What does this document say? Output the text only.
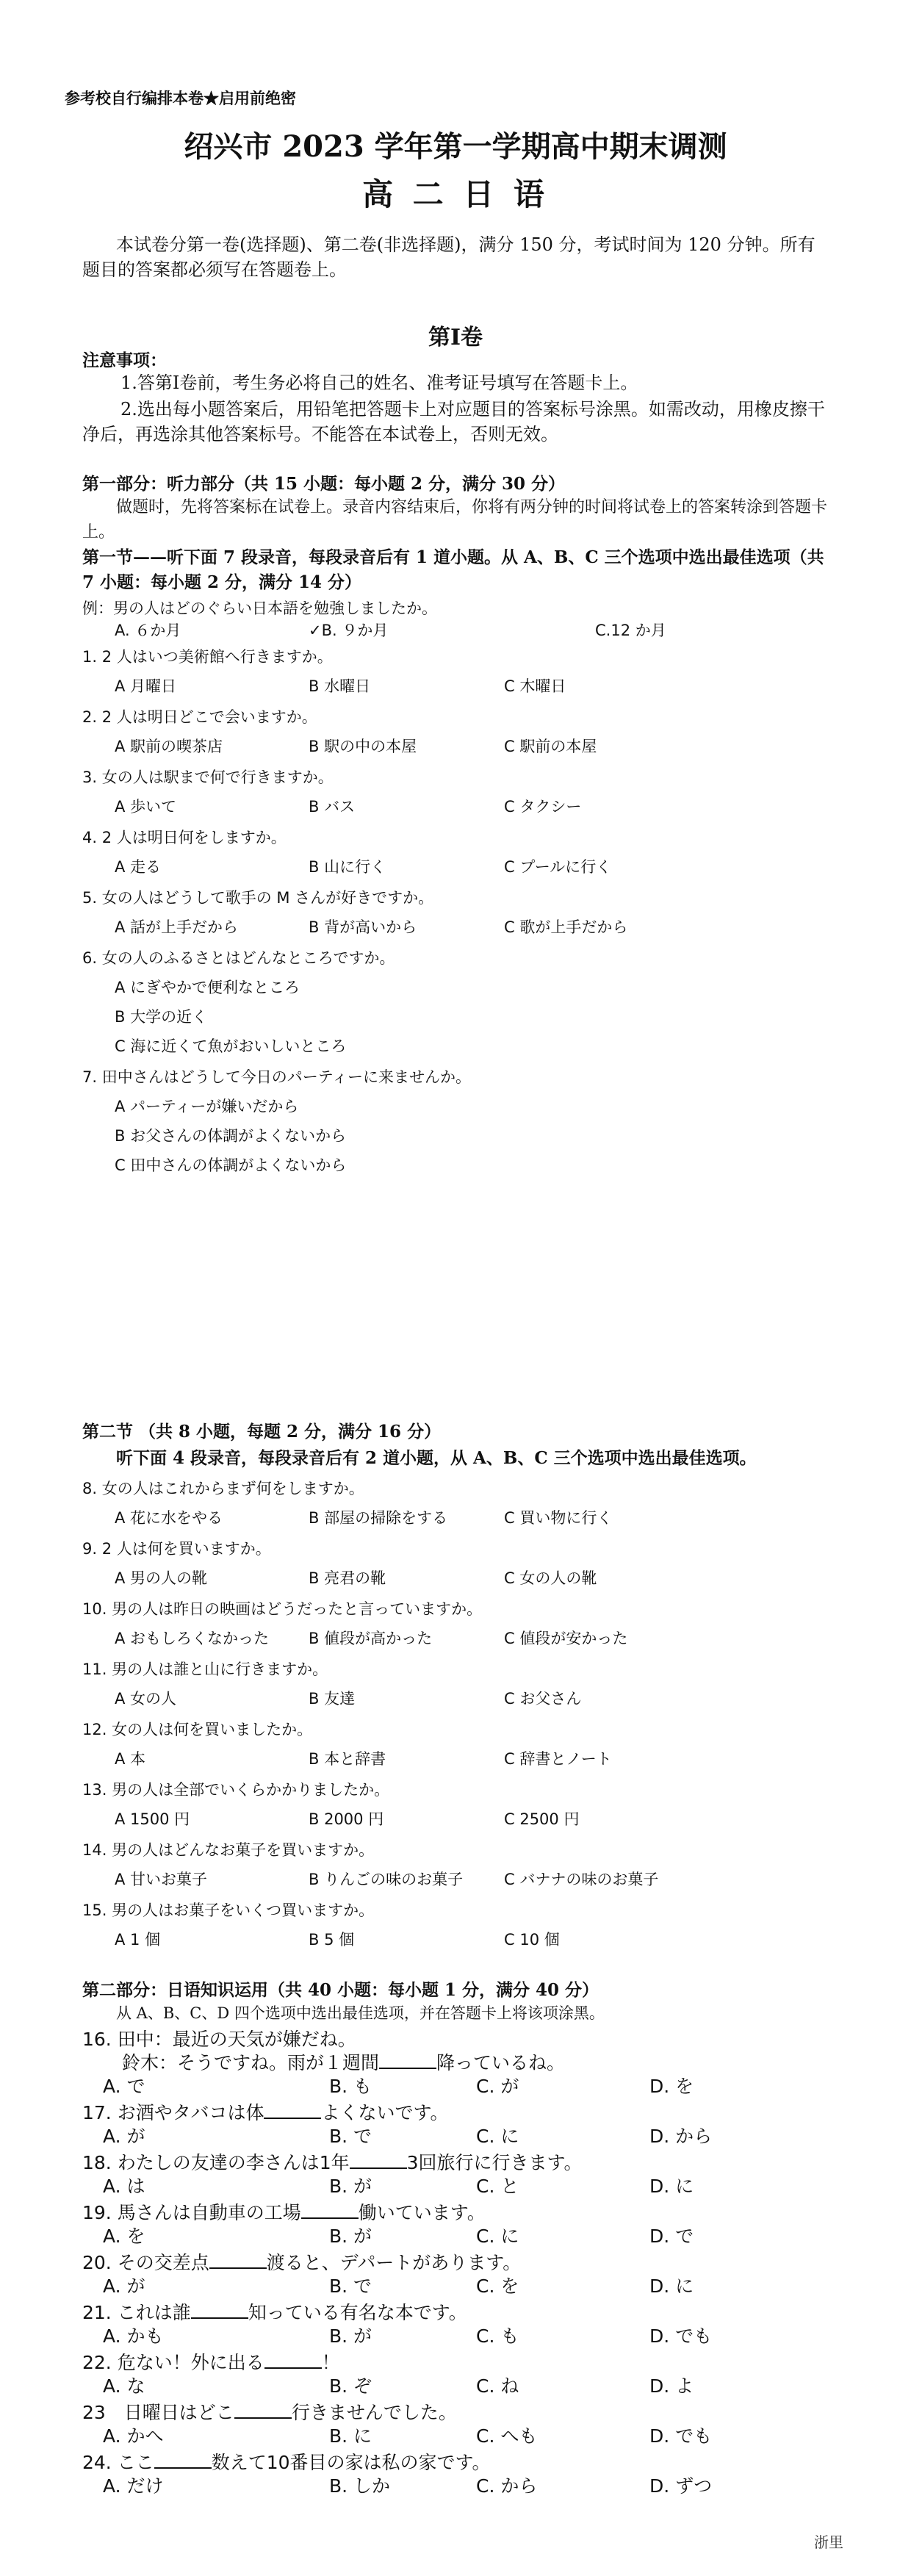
参考校自行编排本卷★启用前绝密
绍兴市 2023 学年第一学期高中期末调测
高 二 日 语
本试卷分第一卷(选择题)、第二卷(非选择题)，满分 150 分，考试时间为 120 分钟。所有题目的答案都必须写在答题卷上。
第Ⅰ卷
注意事项：
1.答第Ⅰ卷前，考生务必将自己的姓名、准考证号填写在答题卡上。
2.选出每小题答案后，用铅笔把答题卡上对应题目的答案标号涂黑。如需改动，用橡皮擦干净后，再选涂其他答案标号。不能答在本试卷上，否则无效。
第一部分：听力部分（共 15 小题：每小题 2 分，满分 30 分）
做题时，先将答案标在试卷上。录音内容结束后，你将有两分钟的时间将试卷上的答案转涂到答题卡上。
第一节——听下面 7 段录音，每段录音后有 1 道小题。从 A、B、C 三个选项中选出最佳选项（共 7 小题：每小题 2 分，满分 14 分）
例：男の人はどのぐらい日本語を勉強しましたか。
A. ６か月	✓B. ９か月	C.12 か月
1. 2 人はいつ美術館へ行きますか。
A 月曜日	B 水曜日	C 木曜日
2. 2 人は明日どこで会いますか。
A 駅前の喫茶店	B 駅の中の本屋	C 駅前の本屋
3. 女の人は駅まで何で行きますか。
A 歩いて	B バス	C タクシー
4. 2 人は明日何をしますか。
A 走る	B 山に行く	C プールに行く
5. 女の人はどうして歌手の M さんが好きですか。
A 話が上手だから	B 背が高いから	C 歌が上手だから
6. 女の人のふるさとはどんなところですか。
A にぎやかで便利なところ
B 大学の近く
C 海に近くて魚がおいしいところ
7. 田中さんはどうして今日のパーティーに来ませんか。
A パーティーが嫌いだから
B お父さんの体調がよくないから
C 田中さんの体調がよくないから
第二节 （共 8 小题，每题 2 分，满分 16 分）
听下面 4 段录音，每段录音后有 2 道小题，从 A、B、C 三个选项中选出最佳选项。
8. 女の人はこれからまず何をしますか。
A 花に水をやる	B 部屋の掃除をする	C 買い物に行く
9. 2 人は何を買いますか。
A 男の人の靴	B 亮君の靴	C 女の人の靴
10. 男の人は昨日の映画はどうだったと言っていますか。
A おもしろくなかった	B 値段が高かった	C 値段が安かった
11. 男の人は誰と山に行きますか。
A 女の人	B 友達	C お父さん
12. 女の人は何を買いましたか。
A 本	B 本と辞書	C 辞書とノート
13. 男の人は全部でいくらかかりましたか。
A 1500 円	B 2000 円	C 2500 円
14. 男の人はどんなお菓子を買いますか。
A 甘いお菓子	B りんごの味のお菓子	C バナナの味のお菓子
15. 男の人はお菓子をいくつ買いますか。
A 1 個	B 5 個	C 10 個
第二部分：日语知识运用（共 40 小题：每小题 1 分，满分 40 分）
从 A、B、C、D 四个选项中选出最佳选项，并在答题卡上将该项涂黑。
16. 田中：最近の天気が嫌だね。
鈴木：そうですね。雨が１週間	降っているね。
A. で	B. も	C. が	D. を
17. お酒やタバコは体	よくないです。
A. が	B. で	C. に	D. から
18. わたしの友達の李さんは1年	3回旅行に行きます。
A. は	B. が	C. と	D. に
19. 馬さんは自動車の工場	働いています。
A. を	B. が	C. に	D. で
20. その交差点	渡ると、デパートがあります。
A. が	B. で	C. を	D. に
21. これは誰	知っている有名な本です。
A. かも	B. が	C. も	D. でも
22. 危ない！外に出る	！
A. な	B. ぞ	C. ね	D. よ
23　日曜日はどこ	行きませんでした。
A. かへ	B. に	C. へも	D. でも
24. ここ	数えて10番目の家は私の家です。
A. だけ	B. しか	C. から	D. ずつ
浙里
